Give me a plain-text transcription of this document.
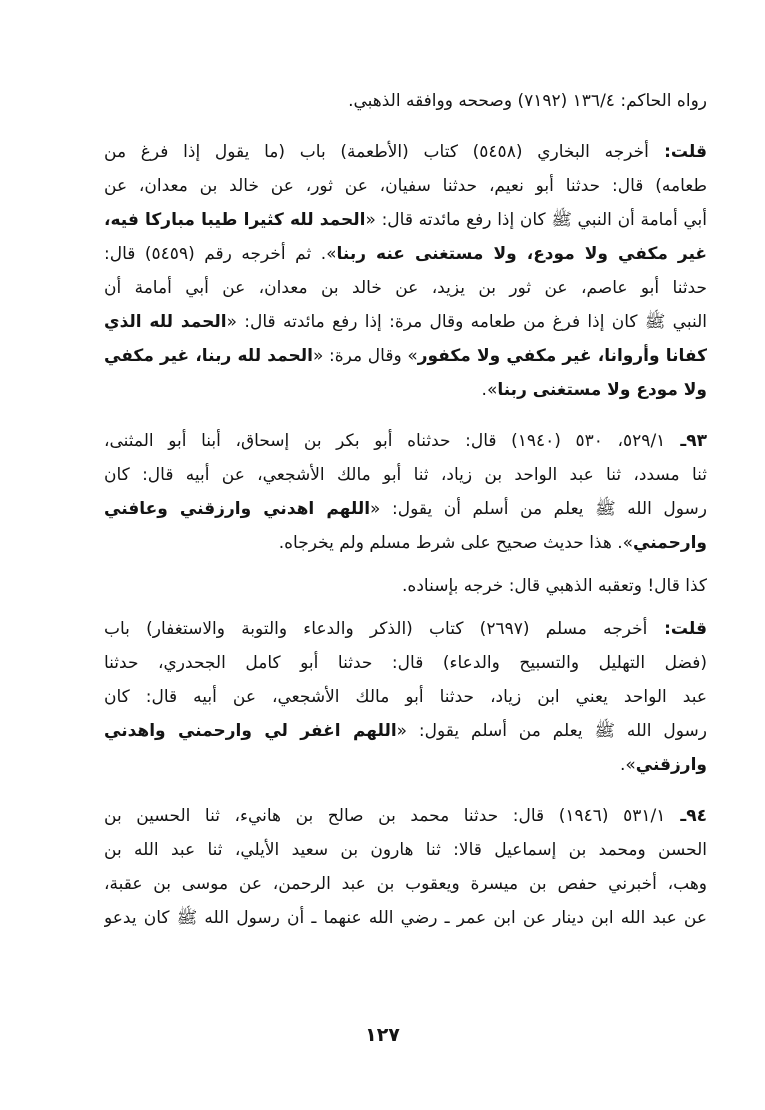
رواه الحاكم: ١٣٦/٤ (٧١٩٢) وصححه ووافقه الذهبي.
قلت: أخرجه البخاري (٥٤٥٨) كتاب (الأطعمة) باب (ما يقول إذا فرغ من
طعامه) قال: حدثنا أبو نعيم، حدثنا سفيان، عن ثور، عن خالد بن معدان، عن
أبي أمامة أن النبي ﷺ كان إذا رفع مائدته قال: «الحمد لله كثيرا طيبا مباركا فيه،
غير مكفي ولا مودع، ولا مستغنى عنه ربنا». ثم أخرجه رقم (٥٤٥٩) قال:
حدثنا أبو عاصم، عن ثور بن يزيد، عن خالد بن معدان، عن أبي أمامة أن
النبي ﷺ كان إذا فرغ من طعامه وقال مرة: إذا رفع مائدته قال: «الحمد لله الذي
كفانا وأروانا، غير مكفي ولا مكفور» وقال مرة: «الحمد لله ربنا، غير مكفي
ولا مودع ولا مستغنى ربنا».
٩٣ـ ٥٢٩/١، ٥٣٠ (١٩٤٠) قال: حدثناه أبو بكر بن إسحاق، أبنا أبو المثنى،
ثنا مسدد، ثنا عبد الواحد بن زياد، ثنا أبو مالك الأشجعي، عن أبيه قال: كان
رسول الله ﷺ يعلم من أسلم أن يقول: «اللهم اهدني وارزقني وعافني
وارحمني». هذا حديث صحيح على شرط مسلم ولم يخرجاه.
كذا قال! وتعقبه الذهبي قال: خرجه بإسناده.
قلت: أخرجه مسلم (٢٦٩٧) كتاب (الذكر والدعاء والتوبة والاستغفار) باب
(فضل التهليل والتسبيح والدعاء) قال: حدثنا أبو كامل الجحدري، حدثنا
عبد الواحد يعني ابن زياد، حدثنا أبو مالك الأشجعي، عن أبيه قال: كان
رسول الله ﷺ يعلم من أسلم يقول: «اللهم اغفر لي وارحمني واهدني
وارزقني».
٩٤ـ ٥٣١/١ (١٩٤٦) قال: حدثنا محمد بن صالح بن هانيء، ثنا الحسين بن
الحسن ومحمد بن إسماعيل قالا: ثنا هارون بن سعيد الأيلي، ثنا عبد الله بن
وهب، أخبرني حفص بن ميسرة ويعقوب بن عبد الرحمن، عن موسى بن عقبة،
عن عبد الله ابن دينار عن ابن عمر ـ رضي الله عنهما ـ أن رسول الله ﷺ كان يدعو
١٢٧
